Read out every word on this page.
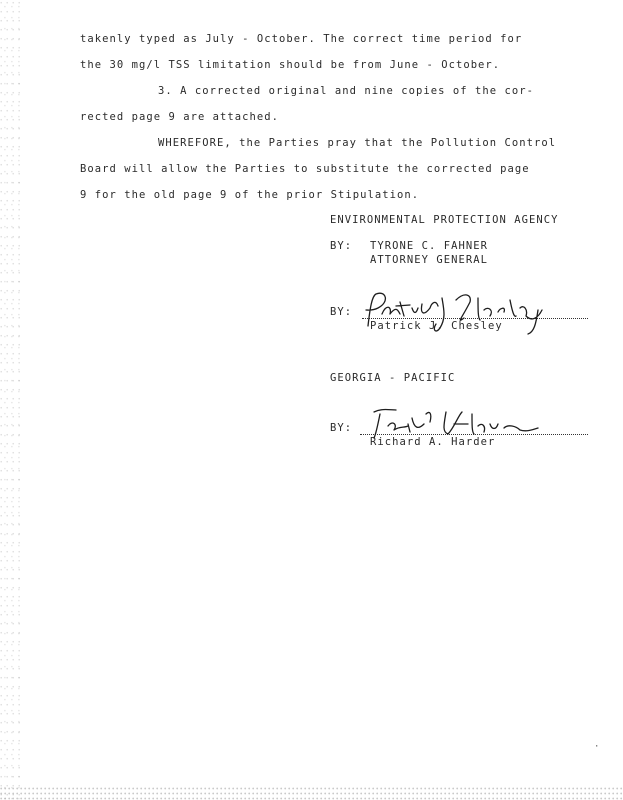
takenly typed as July - October. The correct time period for
the 30 mg/l TSS limitation should be from June - October.
3. A corrected original and nine copies of the cor-
rected page 9 are attached.
WHEREFORE, the Parties pray that the Pollution Control
Board will allow the Parties to substitute the corrected page
9 for the old page 9 of the prior Stipulation.
ENVIRONMENTAL PROTECTION AGENCY
BY: TYRONE C. FAHNER
ATTORNEY GENERAL
BY:
Patrick J. Chesley
GEORGIA - PACIFIC
BY:
Richard A. Harder
·
